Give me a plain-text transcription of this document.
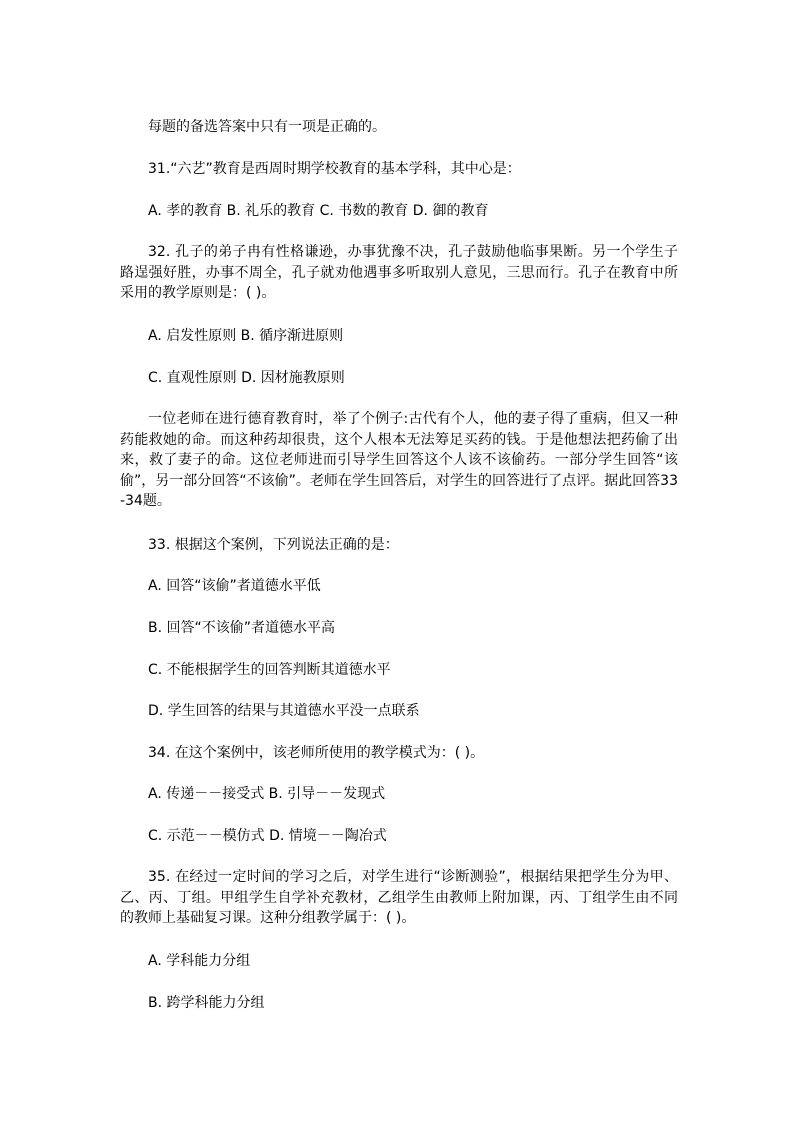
每题的备选答案中只有一项是正确的。
31.“六艺”教育是西周时期学校教育的基本学科，其中心是：
A. 孝的教育 B. 礼乐的教育 C. 书数的教育 D. 御的教育
32. 孔子的弟子冉有性格谦逊，办事犹豫不决，孔子鼓励他临事果断。另一个学生子路逞强好胜，办事不周全，孔子就劝他遇事多听取别人意见，三思而行。孔子在教育中所采用的教学原则是：( )。
A. 启发性原则 B. 循序渐进原则
C. 直观性原则 D. 因材施教原则
一位老师在进行德育教育时，举了个例子:古代有个人，他的妻子得了重病，但又一种药能救她的命。而这种药却很贵，这个人根本无法筹足买药的钱。于是他想法把药偷了出来，救了妻子的命。这位老师进而引导学生回答这个人该不该偷药。一部分学生回答“该偷”，另一部分回答“不该偷”。老师在学生回答后，对学生的回答进行了点评。据此回答33-34题。
33. 根据这个案例，下列说法正确的是：
A. 回答“该偷”者道德水平低
B. 回答“不该偷”者道德水平高
C. 不能根据学生的回答判断其道德水平
D. 学生回答的结果与其道德水平没一点联系
34. 在这个案例中，该老师所使用的教学模式为：( )。
A. 传递－－接受式 B. 引导－－发现式
C. 示范－－模仿式 D. 情境－－陶冶式
35. 在经过一定时间的学习之后，对学生进行“诊断测验”，根据结果把学生分为甲、乙、丙、丁组。甲组学生自学补充教材，乙组学生由教师上附加课，丙、丁组学生由不同的教师上基础复习课。这种分组教学属于：( )。
A. 学科能力分组
B. 跨学科能力分组
